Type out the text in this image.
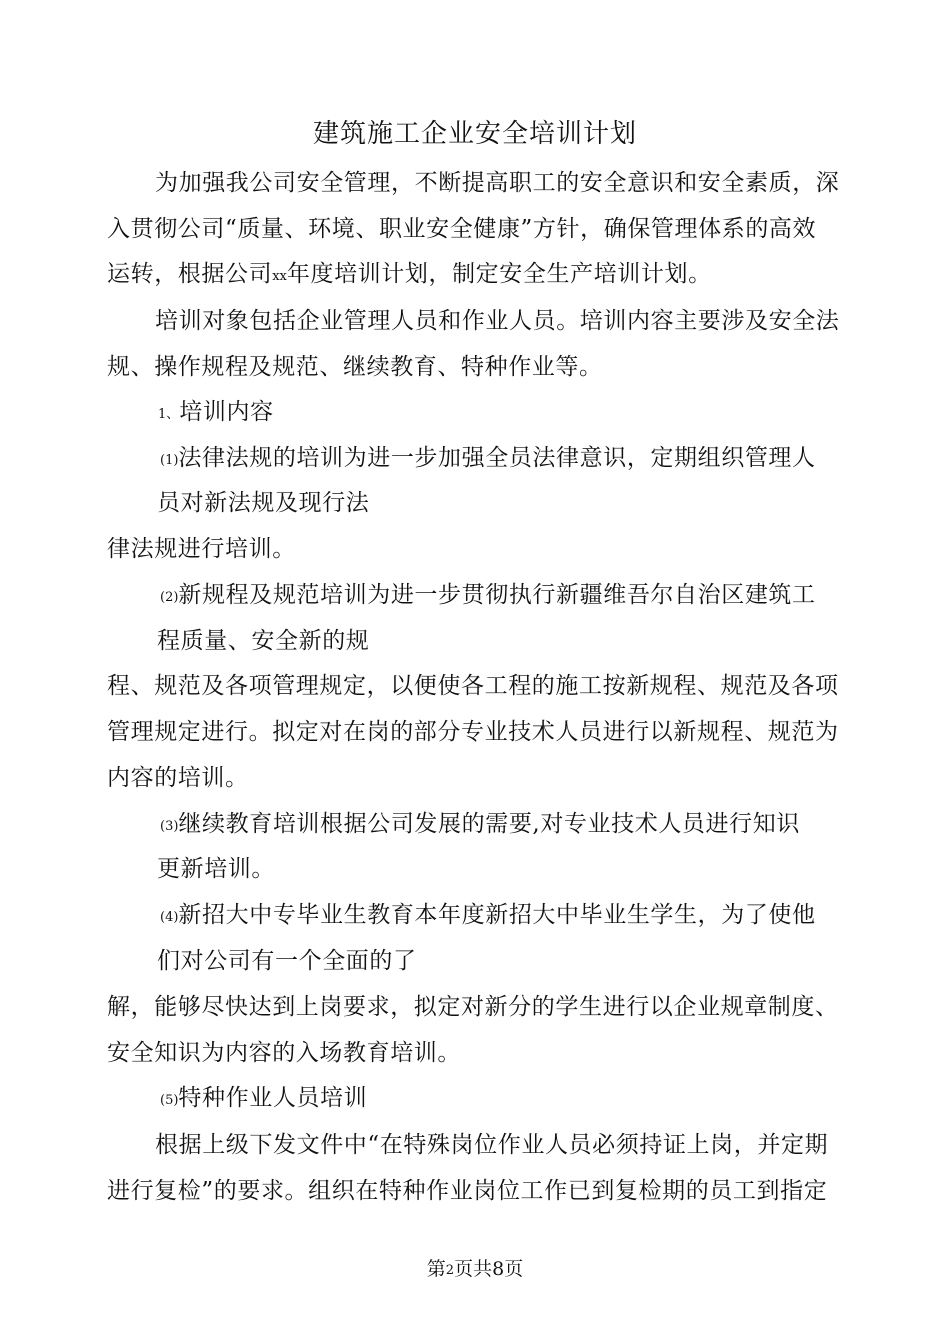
建筑施工企业安全培训计划
为加强我公司安全管理，不断提高职工的安全意识和安全素质，深
入贯彻公司“质量、环境、职业安全健康”方针，确保管理体系的高效
运转，根据公司xx年度培训计划，制定安全生产培训计划。
培训对象包括企业管理人员和作业人员。培训内容主要涉及安全法
规、操作规程及规范、继续教育、特种作业等。
1、培训内容
(1)法律法规的培训为进一步加强全员法律意识，定期组织管理人
员对新法规及现行法
律法规进行培训。
(2)新规程及规范培训为进一步贯彻执行新疆维吾尔自治区建筑工
程质量、安全新的规
程、规范及各项管理规定，以便使各工程的施工按新规程、规范及各项
管理规定进行。拟定对在岗的部分专业技术人员进行以新规程、规范为
内容的培训。
(3)继续教育培训根据公司发展的需要,对专业技术人员进行知识
更新培训。
(4)新招大中专毕业生教育本年度新招大中毕业生学生，为了使他
们对公司有一个全面的了
解，能够尽快达到上岗要求，拟定对新分的学生进行以企业规章制度、
安全知识为内容的入场教育培训。
(5)特种作业人员培训
根据上级下发文件中“在特殊岗位作业人员必须持证上岗，并定期
进行复检”的要求。组织在特种作业岗位工作已到复检期的员工到指定
第2页共8页
